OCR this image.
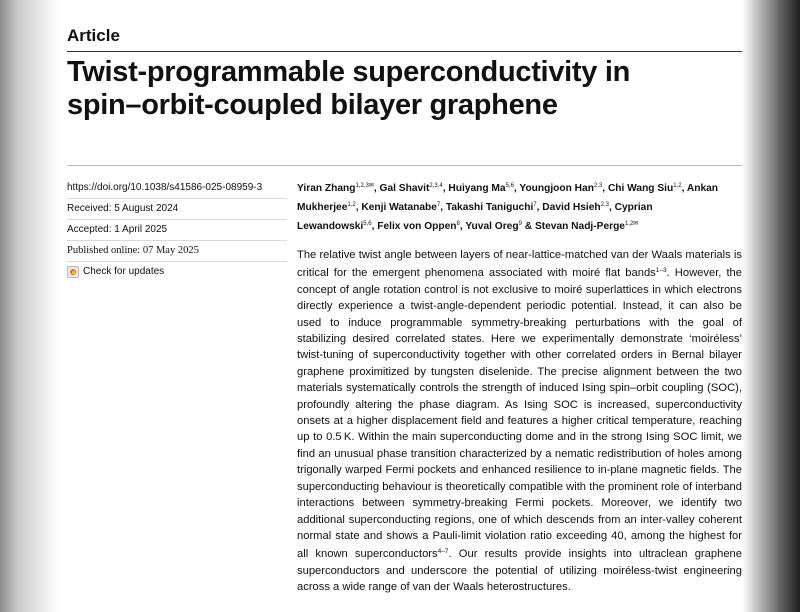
Article
Twist-programmable superconductivity in
spin–orbit-coupled bilayer graphene
https://doi.org/10.1038/s41586-025-08959-3
Received: 5 August 2024
Accepted: 1 April 2025
Published online: 07 May 2025
Check for updates
Yiran Zhang$^{1,2,3✉}$, Gal Shavit$^{2,3,4}$, Huiyang Ma$^{5,6}$, Youngjoon Han$^{2,3}$, Chi Wang Siu$^{1,2}$, Ankan Mukherjee$^{1,2}$, Kenji Watanabe$^7$, Takashi Taniguchi$^7$, David Hsieh$^{2,3}$, Cyprian Lewandowski$^{5,6}$, Felix von Oppen$^8$, Yuval Oreg$^9$ & Stevan Nadj-Perge$^{1,2✉}$
The relative twist angle between layers of near-lattice-matched van der Waals materials is critical for the emergent phenomena associated with moiré flat bands$^{1-3}$. However, the concept of angle rotation control is not exclusive to moiré superlattices in which electrons directly experience a twist-angle-dependent periodic potential. Instead, it can also be used to induce programmable symmetry-breaking perturbations with the goal of stabilizing desired correlated states. Here we experimentally demonstrate ‘moiréless’ twist-tuning of superconductivity together with other correlated orders in Bernal bilayer graphene proximitized by tungsten diselenide. The precise alignment between the two materials systematically controls the strength of induced Ising spin–orbit coupling (SOC), profoundly altering the phase diagram. As Ising SOC is increased, superconductivity onsets at a higher displacement field and features a higher critical temperature, reaching up to 0.5 K. Within the main superconducting dome and in the strong Ising SOC limit, we find an unusual phase transition characterized by a nematic redistribution of holes among trigonally warped Fermi pockets and enhanced resilience to in-plane magnetic fields. The superconducting behaviour is theoretically compatible with the prominent role of interband interactions between symmetry-breaking Fermi pockets. Moreover, we identify two additional superconducting regions, one of which descends from an inter-valley coherent normal state and shows a Pauli-limit violation ratio exceeding 40, among the highest for all known superconductors$^{4-7}$. Our results provide insights into ultraclean graphene superconductors and underscore the potential of utilizing moiréless-twist engineering across a wide range of van der Waals heterostructures.
